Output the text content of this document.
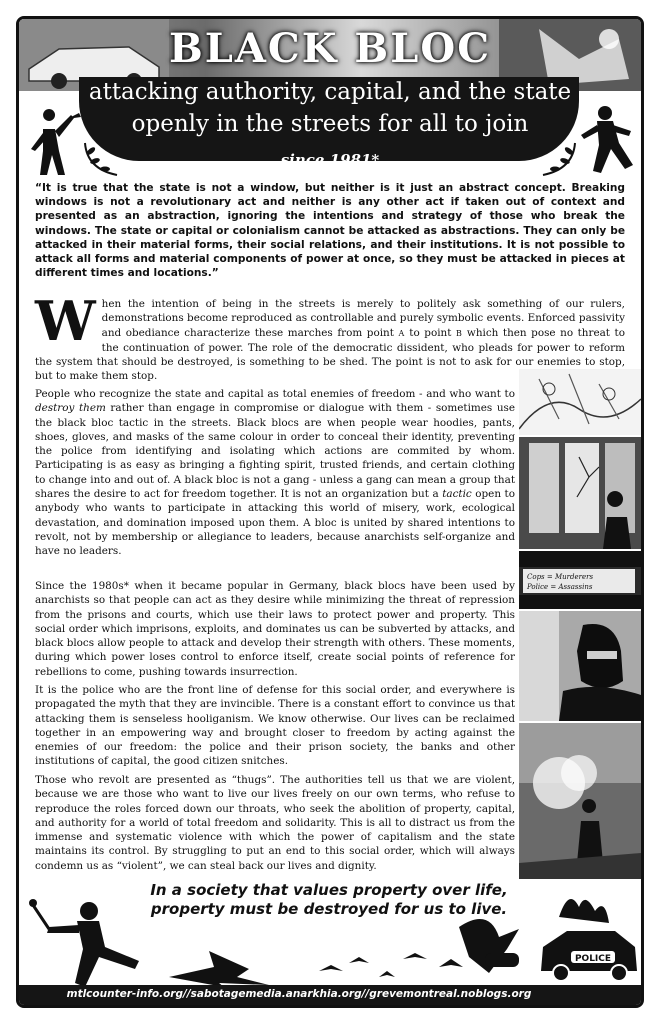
BLACK BLOC
attacking authority, capital, and the state
openly in the streets for all to join
since 1981*
“It is true that the state is not a window, but neither is it just an abstract concept. Breaking windows is not a revolutionary act and neither is any other act if taken out of context and presented as an abstraction, ignoring the intentions and strategy of those who break the windows. The state or capital or colonialism cannot be attacked as abstractions. They can only be attacked in their material forms, their social relations, and their institutions. It is not possible to attack all forms and material components of power at once, so they must be attacked in pieces at different times and locations.”
When the intention of being in the streets is merely to politely ask something of our rulers, demonstrations become reproduced as controllable and purely symbolic events. Enforced passivity and obediance characterize these marches from point A to point B which then pose no threat to the continuation of power. The role of the democratic dissident, who pleads for power to reform the system that should be destroyed, is something to be shed. The point is not to ask for our enemies to stop, but to make them stop.
People who recognize the state and capital as total enemies of freedom - and who want to destroy them rather than engage in compromise or dialogue with them - sometimes use the black bloc tactic in the streets. Black blocs are when people wear hoodies, pants, shoes, gloves, and masks of the same colour in order to conceal their identity, preventing the police from identifying and isolating which actions are commited by whom. Participating is as easy as bringing a fighting spirit, trusted friends, and certain clothing to change into and out of. A black bloc is not a gang - unless a gang can mean a group that shares the desire to act for freedom together. It is not an organization but a tactic open to anybody who wants to participate in attacking this world of misery, work, ecological devastation, and domination imposed upon them. A bloc is united by shared intentions to revolt, not by membership or allegiance to leaders, because anarchists self-organize and have no leaders.
Since the 1980s* when it became popular in Germany, black blocs have been used by anarchists so that people can act as they desire while minimizing the threat of repression from the prisons and courts, which use their laws to protect power and property. This social order which imprisons, exploits, and dominates us can be subverted by attacks, and black blocs allow people to attack and develop their strength with others. These moments, during which power loses control to enforce itself, create social points of reference for rebellions to come, pushing towards insurrection.
It is the police who are the front line of defense for this social order, and everywhere is propagated the myth that they are invincible. There is a constant effort to convince us that attacking them is senseless hooliganism. We know otherwise. Our lives can be reclaimed together in an empowering way and brought closer to freedom by acting against the enemies of our freedom: the police and their prison society, the banks and other institutions of capital, the good citizen snitches.
Those who revolt are presented as “thugs”. The authorities tell us that we are violent, because we are those who want to live our lives freely on our own terms, who refuse to reproduce the roles forced down our throats, who seek the abolition of property, capital, and authority for a world of total freedom and solidarity. This is all to distract us from the immense and systematic violence with which the power of capitalism and the state maintains its control. By struggling to put an end to this social order, which will always condemn us as “violent”, we can steal back our lives and dignity.
Cops = Murderers
Police = Assassins
In a society that values property over life,
property must be destroyed for us to live.
POLICE
mtlcounter-info.org//sabotagemedia.anarkhia.org//grevemontreal.noblogs.org
